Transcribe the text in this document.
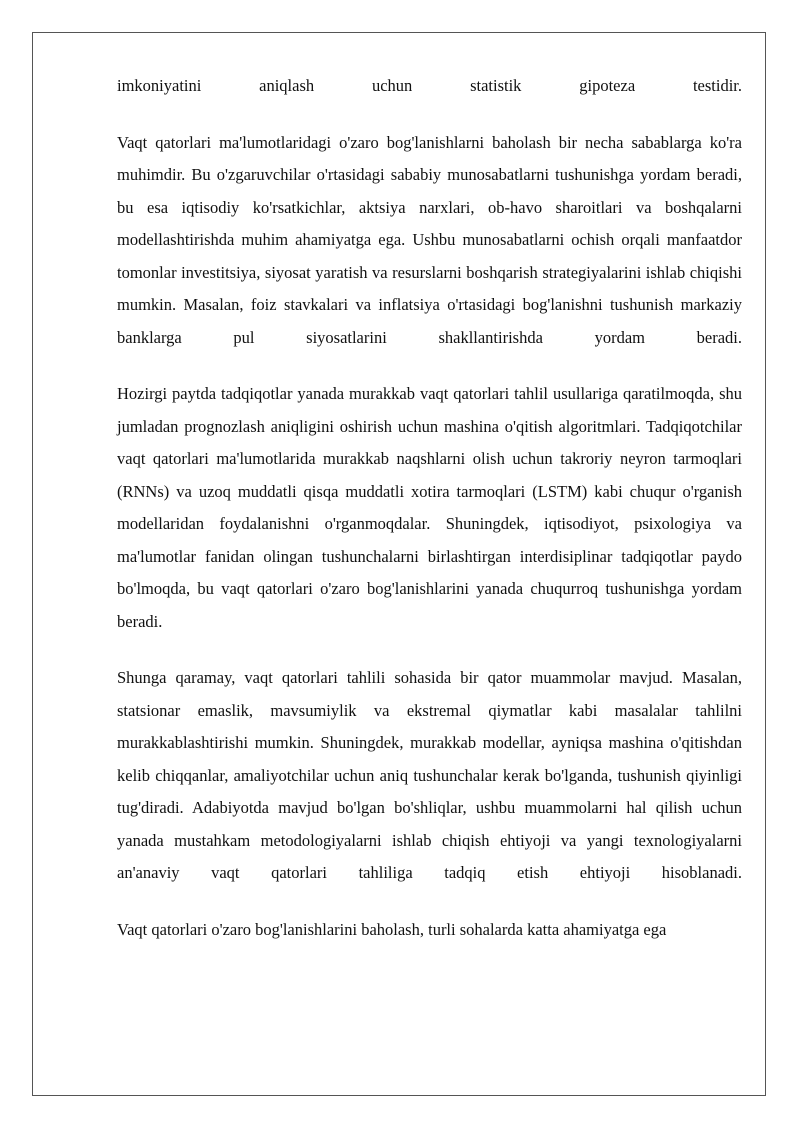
imkoniyatini aniqlash uchun statistik gipoteza testidir.

Vaqt qatorlari ma'lumotlaridagi o'zaro bog'lanishlarni baholash bir necha sabablarga ko'ra muhimdir. Bu o'zgaruvchilar o'rtasidagi sababiy munosabatlarni tushunishga yordam beradi, bu esa iqtisodiy ko'rsatkichlar, aktsiya narxlari, ob-havo sharoitlari va boshqalarni modellashtirishda muhim ahamiyatga ega. Ushbu munosabatlarni ochish orqali manfaatdor tomonlar investitsiya, siyosat yaratish va resurslarni boshqarish strategiyalarini ishlab chiqishi mumkin. Masalan, foiz stavkalari va inflatsiya o'rtasidagi bog'lanishni tushunish markaziy banklarga pul siyosatlarini shakllantirishda yordam beradi.

Hozirgi paytda tadqiqotlar yanada murakkab vaqt qatorlari tahlil usullariga qaratilmoqda, shu jumladan prognozlash aniqligini oshirish uchun mashina o'qitish algoritmlari. Tadqiqotchilar vaqt qatorlari ma'lumotlarida murakkab naqshlarni olish uchun takroriy neyron tarmoqlari (RNNs) va uzoq muddatli qisqa muddatli xotira tarmoqlari (LSTM) kabi chuqur o'rganish modellaridan foydalanishni o'rganmoqdalar. Shuningdek, iqtisodiyot, psixologiya va ma'lumotlar fanidan olingan tushunchalarni birlashtirgan interdisiplinar tadqiqotlar paydo bo'lmoqda, bu vaqt qatorlari o'zaro bog'lanishlarini yanada chuqurroq tushunishga yordam beradi.

Shunga qaramay, vaqt qatorlari tahlili sohasida bir qator muammolar mavjud. Masalan, statsionar emaslik, mavsumiylik va ekstremal qiymatlar kabi masalalar tahlilni murakkablashtirishi mumkin. Shuningdek, murakkab modellar, ayniqsa mashina o'qitishdan kelib chiqqanlar, amaliyotchilar uchun aniq tushunchalar kerak bo'lganda, tushunish qiyinligi tug'diradi. Adabiyotda mavjud bo'lgan bo'shliqlar, ushbu muammolarni hal qilish uchun yanada mustahkam metodologiyalarni ishlab chiqish ehtiyoji va yangi texnologiyalarni an'anaviy vaqt qatorlari tahliliga tadqiq etish ehtiyoji hisoblanadi.

Vaqt qatorlari o'zaro bog'lanishlarini baholash, turli sohalarda katta ahamiyatga ega
